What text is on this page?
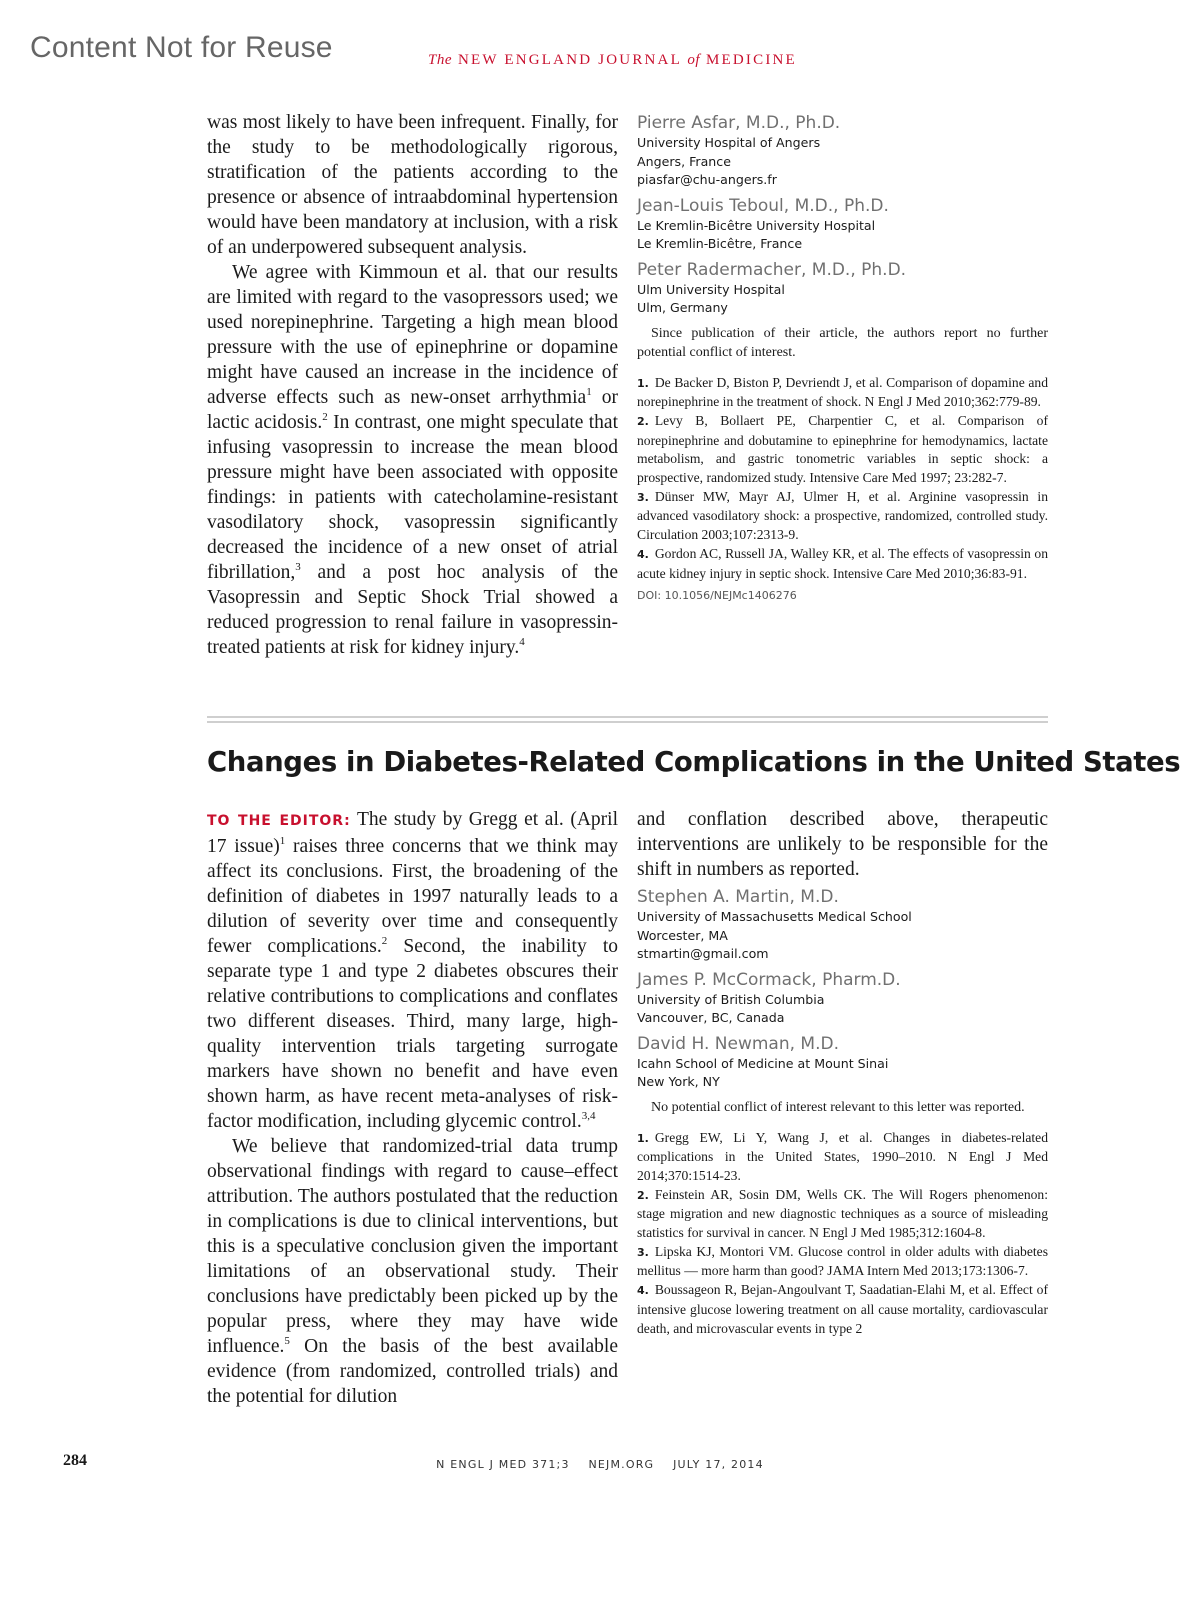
Content Not for Reuse	The NEW ENGLAND JOURNAL of MEDICINE

was most likely to have been infrequent. Finally, for the study to be methodologically rigorous, stratification of the patients according to the presence or absence of intraabdominal hypertension would have been mandatory at inclusion, with a risk of an underpowered subsequent analysis.

We agree with Kimmoun et al. that our results are limited with regard to the vasopressors used; we used norepinephrine. Targeting a high mean blood pressure with the use of epinephrine or dopamine might have caused an increase in the incidence of adverse effects such as new-onset arrhythmia$^1$ or lactic acidosis.$^2$ In contrast, one might speculate that infusing vasopressin to increase the mean blood pressure might have been associated with opposite findings: in patients with catecholamine-resistant vasodilatory shock, vasopressin significantly decreased the incidence of a new onset of atrial fibrillation,$^3$ and a post hoc analysis of the Vasopressin and Septic Shock Trial showed a reduced progression to renal failure in vasopressin-treated patients at risk for kidney injury.$^4$

Pierre Asfar, M.D., Ph.D.

University Hospital of Angers

Angers, France

piasfar@chu-angers.fr

Jean-Louis Teboul, M.D., Ph.D.

Le Kremlin-Bicêtre University Hospital

Le Kremlin-Bicêtre, France

Peter Radermacher, M.D., Ph.D.

Ulm University Hospital

Ulm, Germany

Since publication of their article, the authors report no further potential conflict of interest.

1. De Backer D, Biston P, Devriendt J, et al. Comparison of dopamine and norepinephrine in the treatment of shock. N Engl J Med 2010;362:779-89.

2. Levy B, Bollaert PE, Charpentier C, et al. Comparison of norepinephrine and dobutamine to epinephrine for hemodynamics, lactate metabolism, and gastric tonometric variables in septic shock: a prospective, randomized study. Intensive Care Med 1997; 23:282-7.

3. Dünser MW, Mayr AJ, Ulmer H, et al. Arginine vasopressin in advanced vasodilatory shock: a prospective, randomized, controlled study. Circulation 2003;107:2313-9.

4. Gordon AC, Russell JA, Walley KR, et al. The effects of vasopressin on acute kidney injury in septic shock. Intensive Care Med 2010;36:83-91.

DOI: 10.1056/NEJMc1406276
Changes in Diabetes-Related Complications in the United States

TO THE EDITOR: The study by Gregg et al. (April 17 issue)$^1$ raises three concerns that we think may affect its conclusions. First, the broadening of the definition of diabetes in 1997 naturally leads to a dilution of severity over time and consequently fewer complications.$^2$ Second, the inability to separate type 1 and type 2 diabetes obscures their relative contributions to complications and conflates two different diseases. Third, many large, high-quality intervention trials targeting surrogate markers have shown no benefit and have even shown harm, as have recent meta-analyses of risk-factor modification, including glycemic control.$^{3,4}$

We believe that randomized-trial data trump observational findings with regard to cause–effect attribution. The authors postulated that the reduction in complications is due to clinical interventions, but this is a speculative conclusion given the important limitations of an observational study. Their conclusions have predictably been picked up by the popular press, where they may have wide influence.$^5$ On the basis of the best available evidence (from randomized, controlled trials) and the potential for dilution

and conflation described above, therapeutic interventions are unlikely to be responsible for the shift in numbers as reported.

Stephen A. Martin, M.D.

University of Massachusetts Medical School

Worcester, MA

stmartin@gmail.com

James P. McCormack, Pharm.D.

University of British Columbia

Vancouver, BC, Canada

David H. Newman, M.D.

Icahn School of Medicine at Mount Sinai

New York, NY

No potential conflict of interest relevant to this letter was reported.

1. Gregg EW, Li Y, Wang J, et al. Changes in diabetes-related complications in the United States, 1990–2010. N Engl J Med 2014;370:1514-23.

2. Feinstein AR, Sosin DM, Wells CK. The Will Rogers phenomenon: stage migration and new diagnostic techniques as a source of misleading statistics for survival in cancer. N Engl J Med 1985;312:1604-8.

3. Lipska KJ, Montori VM. Glucose control in older adults with diabetes mellitus — more harm than good? JAMA Intern Med 2013;173:1306-7.

4. Boussageon R, Bejan-Angoulvant T, Saadatian-Elahi M, et al. Effect of intensive glucose lowering treatment on all cause mortality, cardiovascular death, and microvascular events in type 2

284	N ENGL J MED 371;3    NEJM.ORG    JULY 17, 2014
